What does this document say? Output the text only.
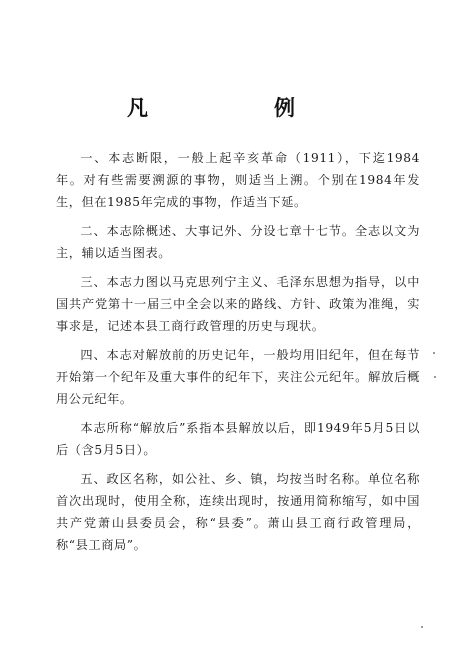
凡　　例

一、本志断限，一般上起辛亥革命（1911），下迄1984年。对有些需要溯源的事物，则适当上溯。个别在1984年发生，但在1985年完成的事物，作适当下延。

二、本志除概述、大事记外、分设七章十七节。全志以文为主，辅以适当图表。

三、本志力图以马克思列宁主义、毛泽东思想为指导，以中国共产党第十一届三中全会以来的路线、方针、政策为准绳，实事求是，记述本县工商行政管理的历史与现状。

四、本志对解放前的历史记年，一般均用旧纪年，但在每节开始第一个纪年及重大事件的纪年下，夹注公元纪年。解放后概用公元纪年。

本志所称“解放后”系指本县解放以后，即1949年5月5日以后（含5月5日）。

五、政区名称，如公社、乡、镇，均按当时名称。单位名称首次出现时，使用全称，连续出现时，按通用简称缩写，如中国共产党萧山县委员会，称“县委”。萧山县工商行政管理局，称“县工商局”。
